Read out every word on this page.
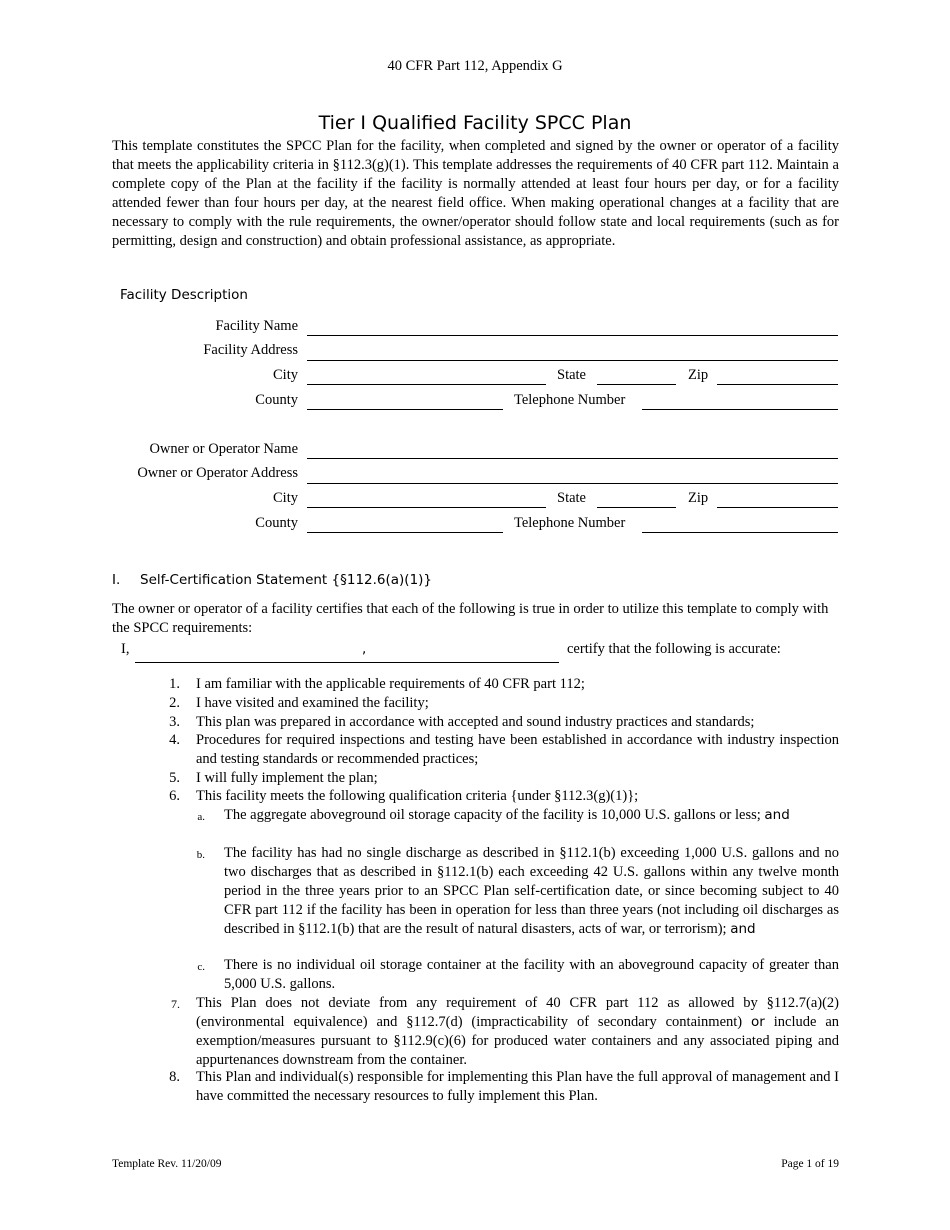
40 CFR Part 112, Appendix G
Tier I Qualified Facility SPCC Plan

This template constitutes the SPCC Plan for the facility, when completed and signed by the owner or operator of a facility that meets the applicability criteria in §112.3(g)(1). This template addresses the requirements of 40 CFR part 112. Maintain a complete copy of the Plan at the facility if the facility is normally attended at least four hours per day, or for a facility attended fewer than four hours per day, at the nearest field office. When making operational changes at a facility that are necessary to comply with the rule requirements, the owner/operator should follow state and local requirements (such as for permitting, design and construction) and obtain professional assistance, as appropriate.

Facility Description
Facility Name
Facility Address
City	State	Zip
County	Telephone Number
Owner or Operator Name
Owner or Operator Address
City	State	Zip
County	Telephone Number
I. Self-Certification Statement {§112.6(a)(1)}

The owner or operator of a facility certifies that each of the following is true in order to utilize this template to comply with the SPCC requirements:

I,	,	certify that the following is accurate:
1. I am familiar with the applicable requirements of 40 CFR part 112;
2. I have visited and examined the facility;
3. This plan was prepared in accordance with accepted and sound industry practices and standards;
4. Procedures for required inspections and testing have been established in accordance with industry inspection and testing standards or recommended practices;
5. I will fully implement the plan;
6. This facility meets the following qualification criteria {under §112.3(g)(1)};
a. The aggregate aboveground oil storage capacity of the facility is 10,000 U.S. gallons or less; and
b. The facility has had no single discharge as described in §112.1(b) exceeding 1,000 U.S. gallons and no two discharges that as described in §112.1(b) each exceeding 42 U.S. gallons within any twelve month period in the three years prior to an SPCC Plan self-certification date, or since becoming subject to 40 CFR part 112 if the facility has been in operation for less than three years (not including oil discharges as described in §112.1(b) that are the result of natural disasters, acts of war, or terrorism); and
c. There is no individual oil storage container at the facility with an aboveground capacity of greater than 5,000 U.S. gallons.
7. This Plan does not deviate from any requirement of 40 CFR part 112 as allowed by §112.7(a)(2) (environmental equivalence) and §112.7(d) (impracticability of secondary containment) or include an exemption/measures pursuant to §112.9(c)(6) for produced water containers and any associated piping and appurtenances downstream from the container.
8. This Plan and individual(s) responsible for implementing this Plan have the full approval of management and I have committed the necessary resources to fully implement this Plan.
Template Rev. 11/20/09	Page 1 of 19
